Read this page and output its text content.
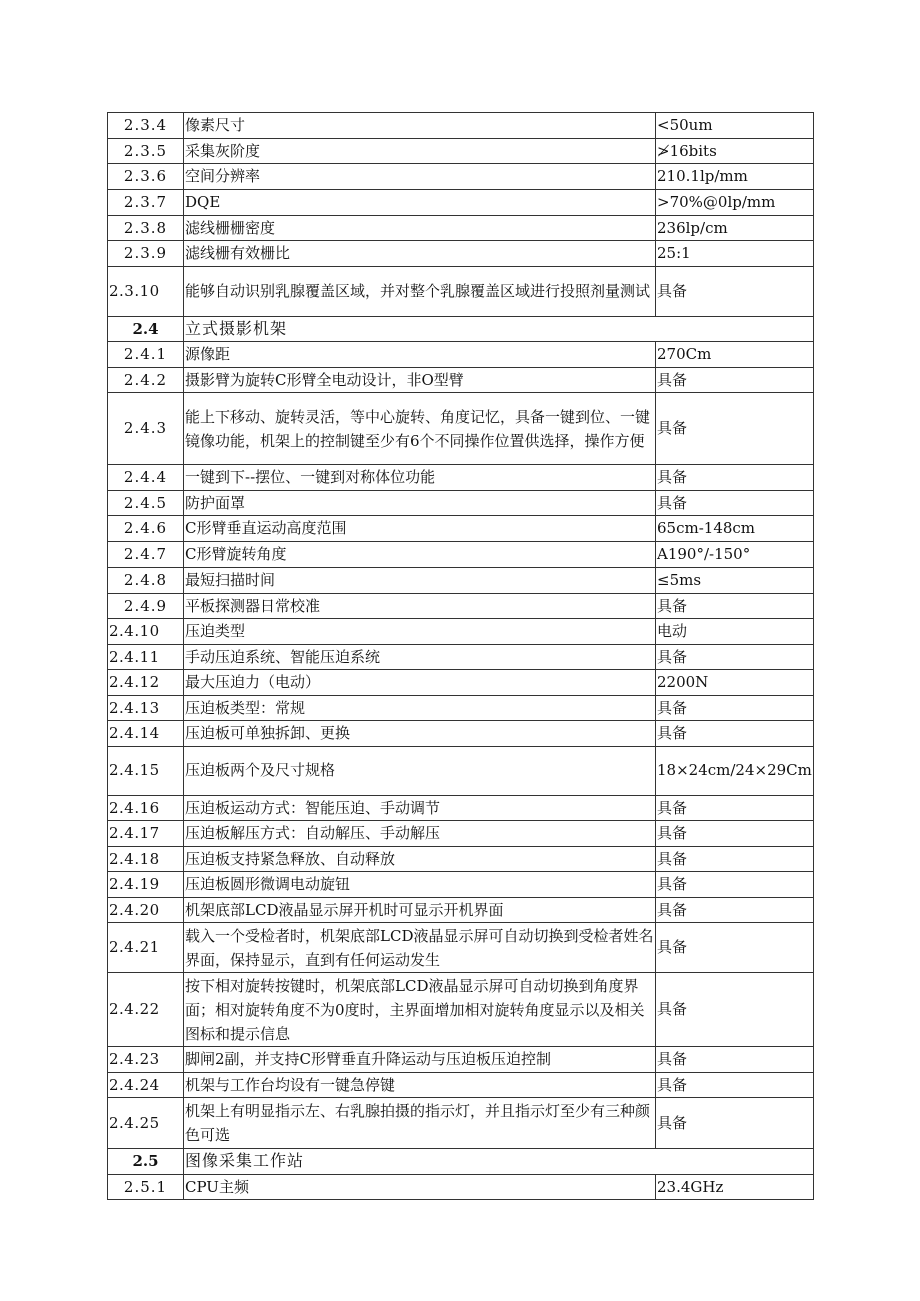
2.3.4	像素尺寸	<50um
2.3.5	采集灰阶度	≯16bits
2.3.6	空间分辨率	210.1lp/mm
2.3.7	DQE	>70%@0lp/mm
2.3.8	滤线栅栅密度	236lp/cm
2.3.9	滤线栅有效栅比	25:1
2.3.10	能够自动识别乳腺覆盖区域，并对整个乳腺覆盖区域进行投照剂量测试	具备
2.4	立式摄影机架	
2.4.1	源像距	270Cm
2.4.2	摄影臂为旋转C形臂全电动设计，非O型臂	具备
2.4.3	能上下移动、旋转灵活，等中心旋转、角度记忆，具备一键到位、一键镜像功能，机架上的控制键至少有6个不同操作位置供选择，操作方便	具备
2.4.4	一键到下--摆位、一键到对称体位功能	具备
2.4.5	防护面罩	具备
2.4.6	C形臂垂直运动高度范围	65cm-148cm
2.4.7	C形臂旋转角度	A190°/-150°
2.4.8	最短扫描时间	≤5ms
2.4.9	平板探测器日常校准	具备
2.4.10	压迫类型	电动
2.4.11	手动压迫系统、智能压迫系统	具备
2.4.12	最大压迫力（电动）	2200N
2.4.13	压迫板类型：常规	具备
2.4.14	压迫板可单独拆卸、更换	具备
2.4.15	压迫板两个及尺寸规格	18×24cm/24×29Cm
2.4.16	压迫板运动方式：智能压迫、手动调节	具备
2.4.17	压迫板解压方式：自动解压、手动解压	具备
2.4.18	压迫板支持紧急释放、自动释放	具备
2.4.19	压迫板圆形微调电动旋钮	具备
2.4.20	机架底部LCD液晶显示屏开机时可显示开机界面	具备
2.4.21	载入一个受检者时，机架底部LCD液晶显示屏可自动切换到受检者姓名界面，保持显示，直到有任何运动发生	具备
2.4.22	按下相对旋转按键时，机架底部LCD液晶显示屏可自动切换到角度界面；相对旋转角度不为0度时，主界面增加相对旋转角度显示以及相关图标和提示信息	具备
2.4.23	脚闸2副，并支持C形臂垂直升降运动与压迫板压迫控制	具备
2.4.24	机架与工作台均设有一键急停键	具备
2.4.25	机架上有明显指示左、右乳腺拍摄的指示灯，并且指示灯至少有三种颜色可选	具备
2.5	图像采集工作站	
2.5.1	CPU主频	23.4GHz
